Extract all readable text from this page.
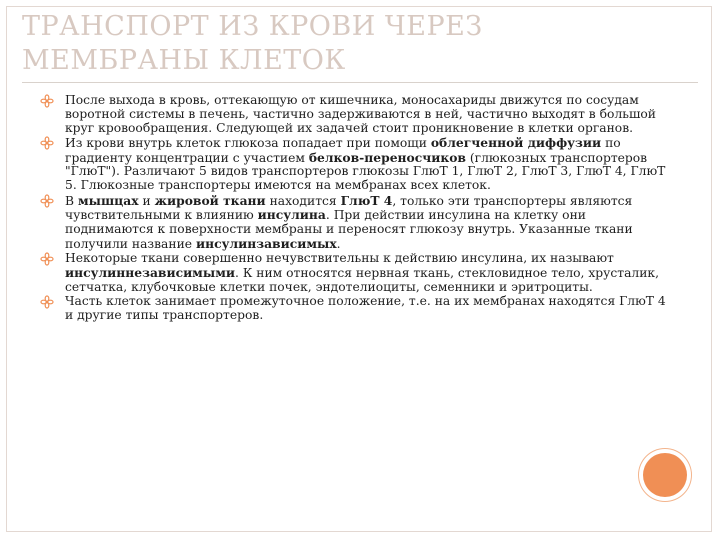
ТРАНСПОРТ ИЗ КРОВИ ЧЕРЕЗ
МЕМБРАНЫ КЛЕТОК
После выхода в кровь, оттекающую от кишечника, моносахариды движутся по сосудам воротной системы в печень, частично задерживаются в ней, частично выходят в большой круг кровообращения. Следующей их задачей стоит проникновение в клетки органов.
Из крови внутрь клеток глюкоза попадает при помощи облегченной диффузии по градиенту концентрации с участием белков-переносчиков (глюкозных транспортеров "ГлюТ"). Различают 5 видов транспортеров глюкозы ГлюТ 1, ГлюТ 2, ГлюТ 3, ГлюТ 4, ГлюТ 5. Глюкозные транспортеры имеются на мембранах всех клеток.
В мышцах и жировой ткани находится ГлюТ 4, только эти транспортеры являются чувствительными к влиянию инсулина. При действии инсулина на клетку они поднимаются к поверхности мембраны и переносят глюкозу внутрь. Указанные ткани получили название инсулинзависимых.
Некоторые ткани совершенно нечувствительны к действию инсулина, их называют инсулиннезависимыми. К ним относятся нервная ткань, стекловидное тело, хрусталик, сетчатка, клубочковые клетки почек, эндотелиоциты, семенники и эритроциты.
Часть клеток занимает промежуточное положение, т.е. на их мембранах находятся ГлюТ 4 и другие типы транспортеров.
